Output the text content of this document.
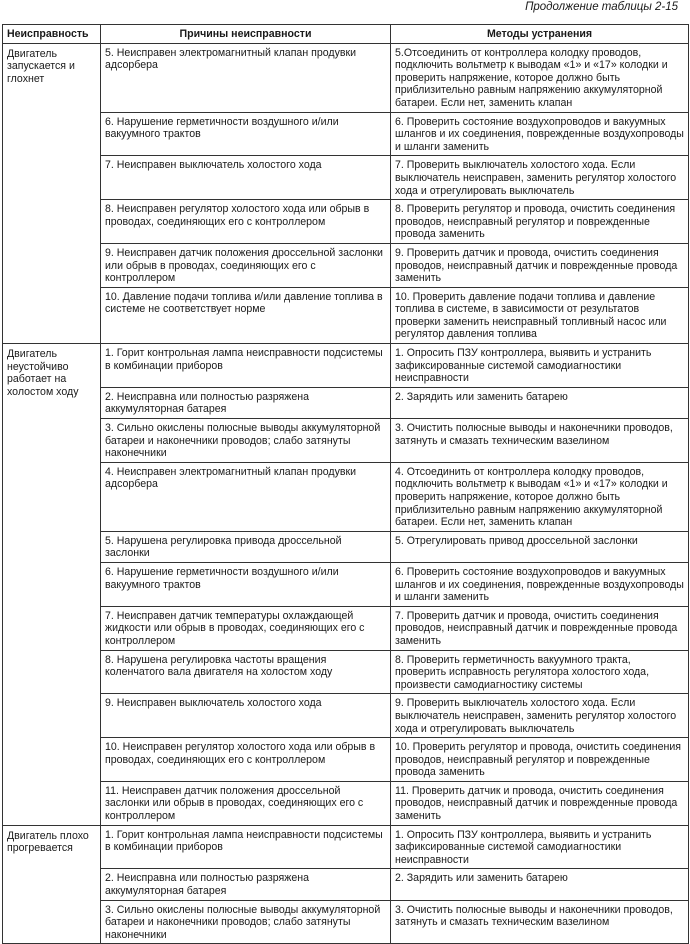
Продолжение таблицы 2-15
Неисправность	Причины неисправности	Методы устранения
Двигатель запускается и глохнет	5. Неисправен электромагнитный клапан продувки адсорбера	5.Отсоединить от контроллера колодку проводов, подключить вольтметр к выводам «1» и «17» колодки и проверить напряжение, которое должно быть приблизительно равным напряжению аккумуляторной батареи. Если нет, заменить клапан
	6. Нарушение герметичности воздушного и/или вакуумного трактов	6. Проверить состояние воздухопроводов и вакуумных шлангов и их соединения, поврежденные воздухопроводы и шланги заменить
	7. Неисправен выключатель холостого хода	7. Проверить выключатель холостого хода. Если выключатель неисправен, заменить регулятор холостого хода и отрегулировать выключатель
	8. Неисправен регулятор холостого хода или обрыв в проводах, соединяющих его с контроллером	8. Проверить регулятор и провода, очистить соединения проводов, неисправный регулятор и поврежденные провода заменить
	9. Неисправен датчик положения дроссельной заслонки или обрыв в проводах, соединяющих его с контроллером	9. Проверить датчик и провода, очистить соединения проводов, неисправный датчик и поврежденные провода заменить
	10. Давление подачи топлива и/или давление топлива в системе не соответствует норме	10. Проверить давление подачи топлива и давление топлива в системе, в зависимости от результатов проверки заменить неисправный топливный насос или регулятор давления топлива
Двигатель неустойчиво работает на холостом ходу	1. Горит контрольная лампа неисправности подсистемы в комбинации приборов	1. Опросить ПЗУ контроллера, выявить и устранить зафиксированные системой самодиагностики неисправности
	2. Неисправна или полностью разряжена аккумуляторная батарея	2. Зарядить или заменить батарею
	3. Сильно окислены полюсные выводы аккумуляторной батареи и наконечники проводов; слабо затянуты наконечники	3. Очистить полюсные выводы и наконечники проводов, затянуть и смазать техническим вазелином
	4. Неисправен электромагнитный клапан продувки адсорбера	4. Отсоединить от контроллера колодку проводов, подключить вольтметр к выводам «1» и «17» колодки и проверить напряжение, которое должно быть приблизительно равным напряжению аккумуляторной батареи. Если нет, заменить клапан
	5. Нарушена регулировка привода дроссельной заслонки	5. Отрегулировать привод дроссельной заслонки
	6. Нарушение герметичности воздушного и/или вакуумного трактов	6. Проверить состояние воздухопроводов и вакуумных шлангов и их соединения, поврежденные воздухопроводы и шланги заменить
	7. Неисправен датчик температуры охлаждающей жидкости или обрыв в проводах, соединяющих его с контроллером	7. Проверить датчик и провода, очистить соединения проводов, неисправный датчик и поврежденные провода заменить
	8. Нарушена регулировка частоты вращения коленчатого вала двигателя на холостом ходу	8. Проверить герметичность вакуумного тракта, проверить исправность регулятора холостого хода, произвести самодиагностику системы
	9. Неисправен выключатель холостого хода	9. Проверить выключатель холостого хода. Если выключатель неисправен, заменить регулятор холостого хода и отрегулировать выключатель
	10. Неисправен регулятор холостого хода или обрыв в проводах, соединяющих его с контроллером	10. Проверить регулятор и провода, очистить соединения проводов, неисправный регулятор и поврежденные провода заменить
	11. Неисправен датчик положения дроссельной заслонки или обрыв в проводах, соединяющих его с контроллером	11. Проверить датчик и провода, очистить соединения проводов, неисправный датчик и поврежденные провода заменить
Двигатель плохо прогревается	1. Горит контрольная лампа неисправности подсистемы в комбинации приборов	1. Опросить ПЗУ контроллера, выявить и устранить зафиксированные системой самодиагностики неисправности
	2. Неисправна или полностью разряжена аккумуляторная батарея	2. Зарядить или заменить батарею
	3. Сильно окислены полюсные выводы аккумуляторной батареи и наконечники проводов; слабо затянуты наконечники	3. Очистить полюсные выводы и наконечники проводов, затянуть и смазать техническим вазелином
